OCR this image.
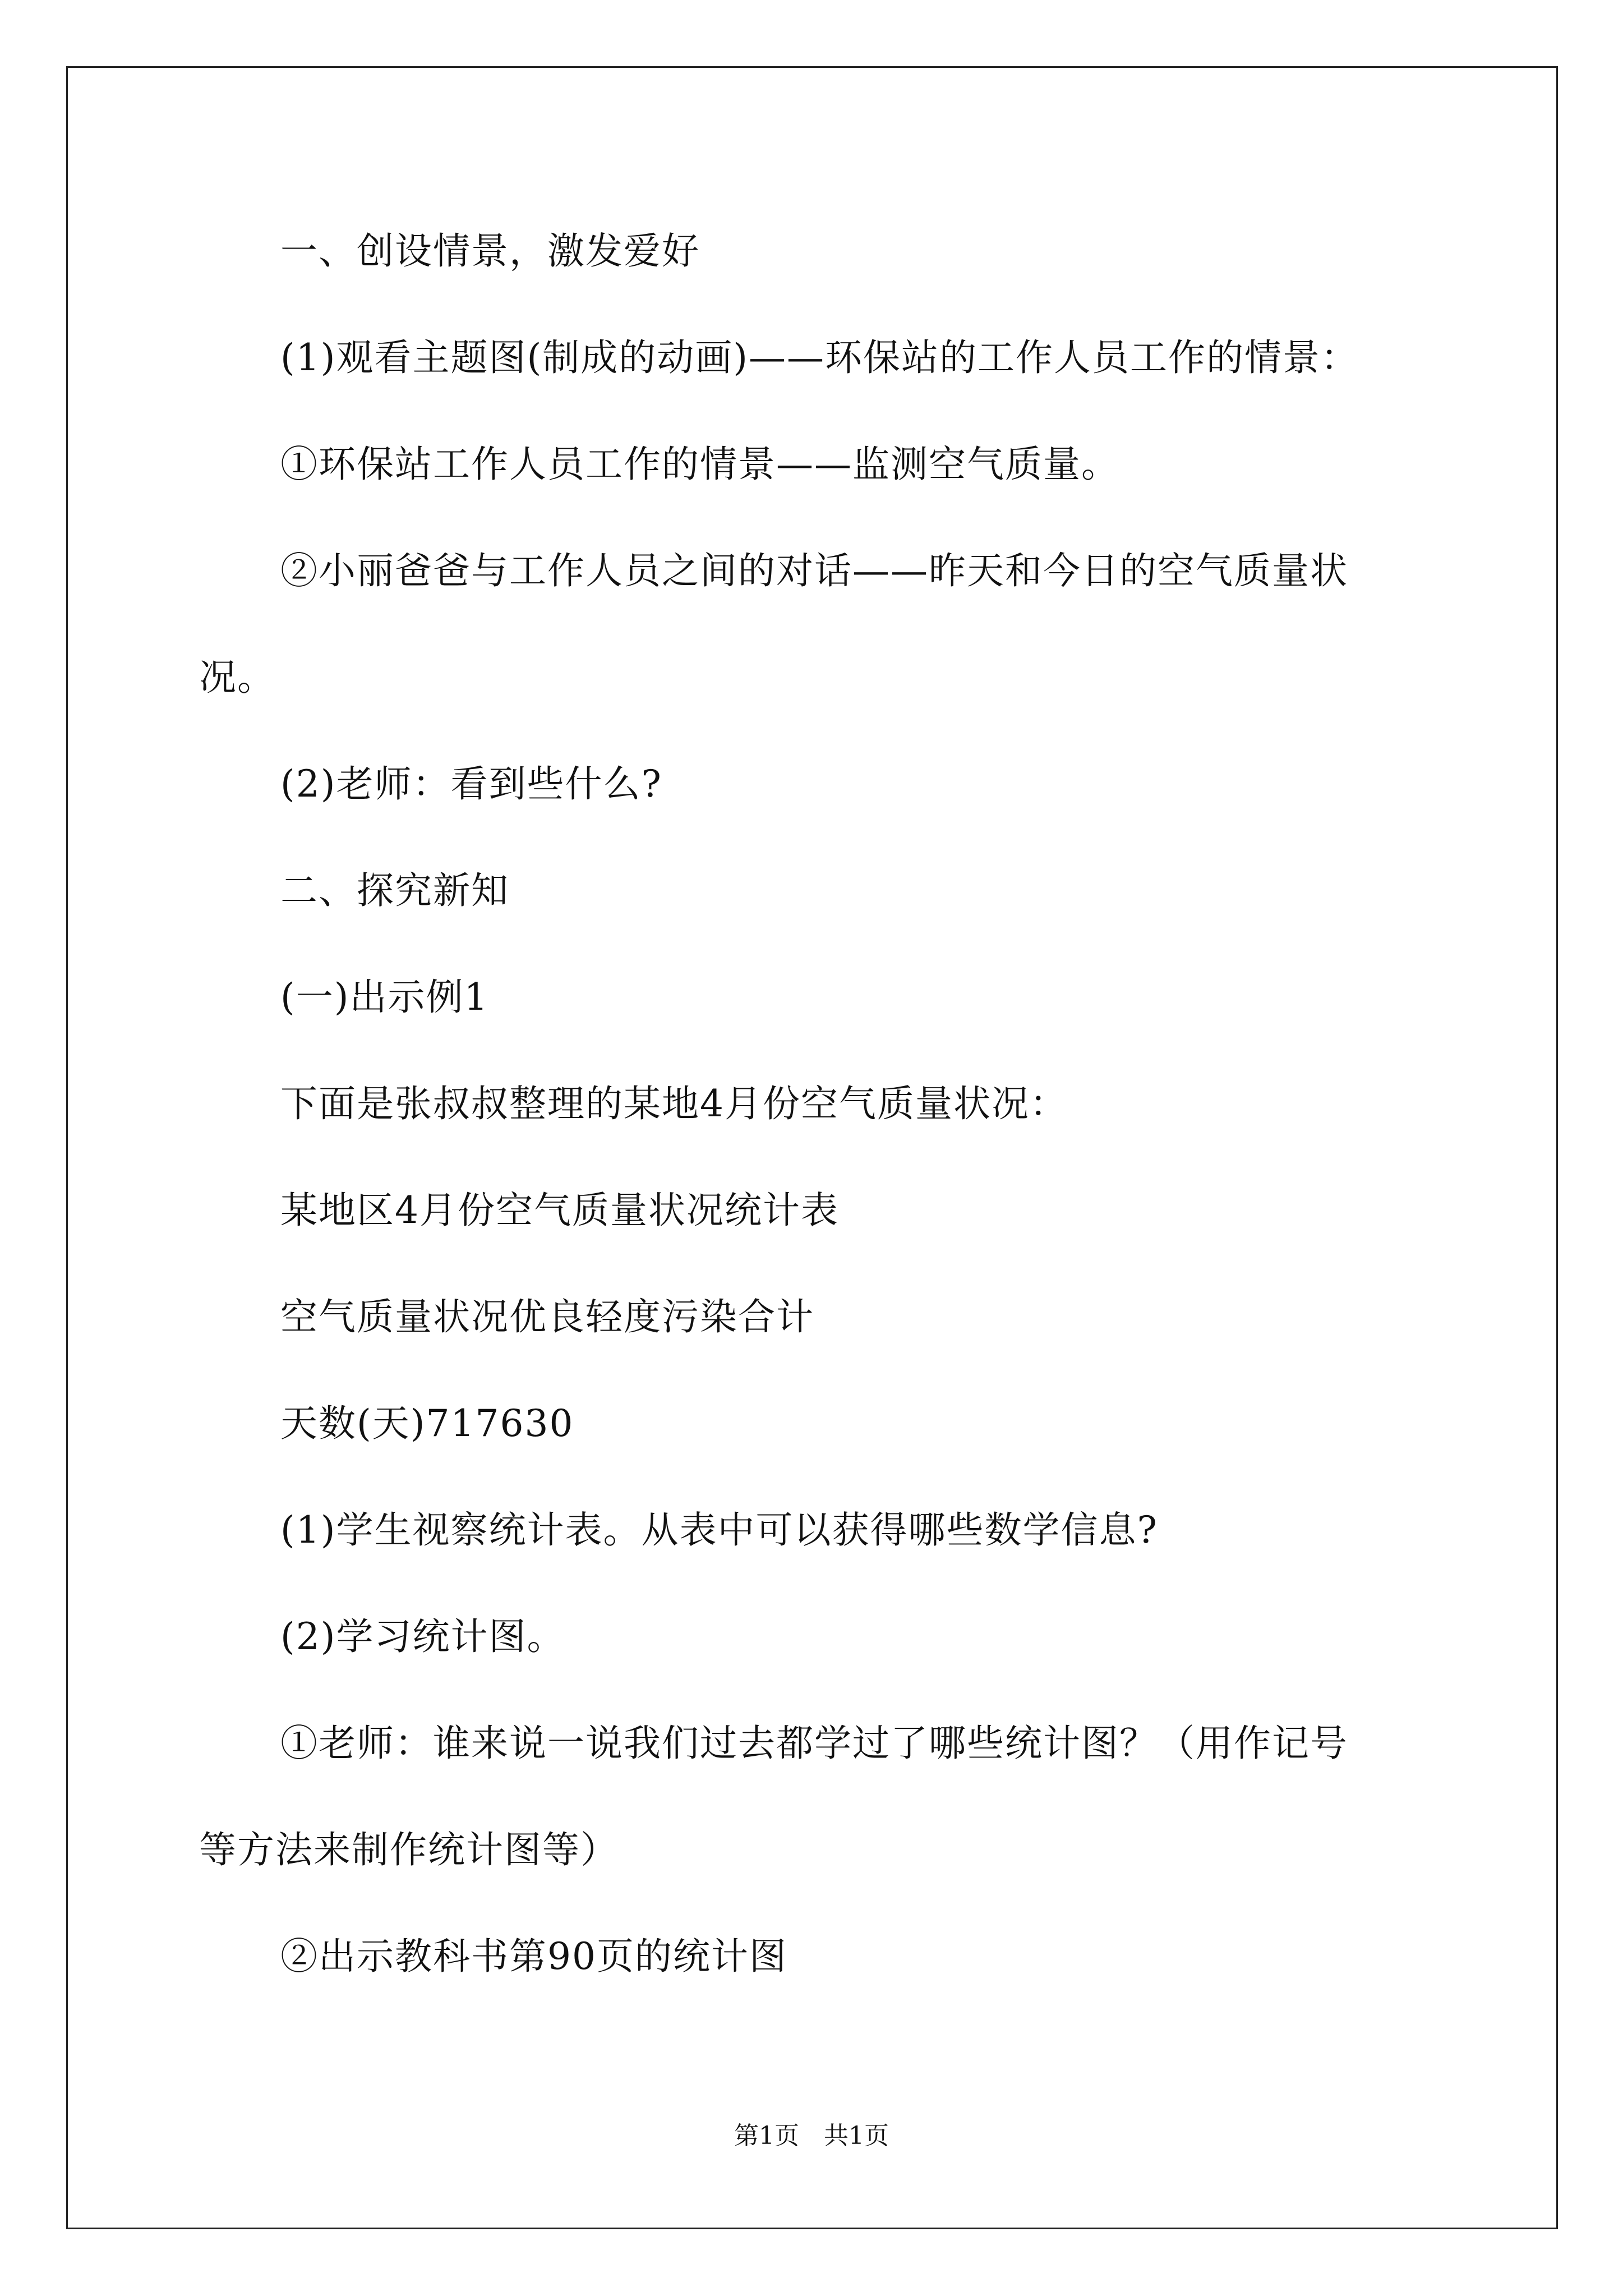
一、创设情景，激发爱好
(1)观看主题图(制成的动画)——环保站的工作人员工作的情景：
①环保站工作人员工作的情景——监测空气质量。
②小丽爸爸与工作人员之间的对话——昨天和今日的空气质量状
况。
(2)老师：看到些什么?
二、探究新知
(一)出示例1
下面是张叔叔整理的某地4月份空气质量状况：
某地区4月份空气质量状况统计表
空气质量状况优良轻度污染合计
天数(天)717630
(1)学生视察统计表。从表中可以获得哪些数学信息?
(2)学习统计图。
①老师：谁来说一说我们过去都学过了哪些统计图？（用作记号
等方法来制作统计图等）
②出示教科书第90页的统计图
第1页　共1页
